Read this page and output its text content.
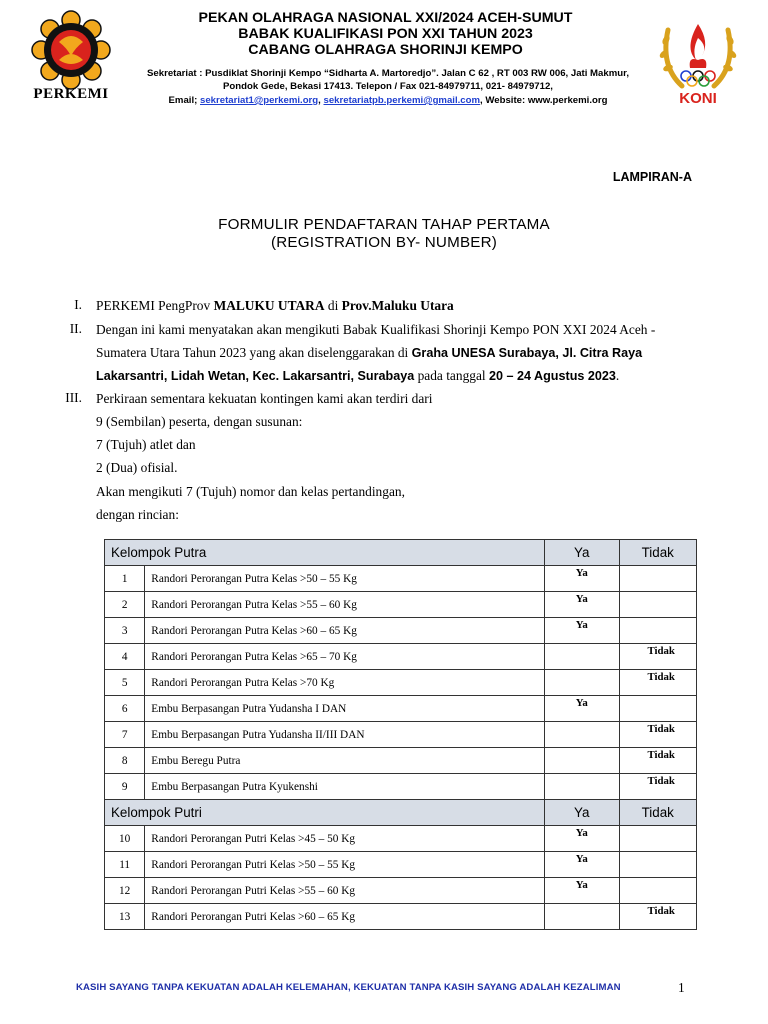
PERKEMI
PEKAN OLAHRAGA NASIONAL XXI/2024 ACEH-SUMUT
BABAK KUALIFIKASI PON XXI TAHUN 2023
CABANG OLAHRAGA SHORINJI KEMPO
Sekretariat : Pusdiklat Shorinji Kempo “Sidharta A. Martoredjo”. Jalan C 62 , RT 003 RW 006, Jati Makmur,
Pondok Gede, Bekasi 17413. Telepon / Fax 021-84979711, 021- 84979712,
Email; sekretariat1@perkemi.org, sekretariatpb.perkemi@gmail.com, Website: www.perkemi.org	KONI
LAMPIRAN-A
FORMULIR PENDAFTARAN TAHAP PERTAMA
(REGISTRATION BY- NUMBER)
I. PERKEMI PengProv MALUKU UTARA di Prov.Maluku Utara
II. Dengan ini kami menyatakan akan mengikuti Babak Kualifikasi Shorinji Kempo PON XXI 2024 Aceh -
Sumatera Utara Tahun 2023 yang akan diselenggarakan di Graha UNESA Surabaya, Jl. Citra Raya
Lakarsantri, Lidah Wetan, Kec. Lakarsantri, Surabaya pada tanggal 20 – 24 Agustus 2023.
III. Perkiraan sementara kekuatan kontingen kami akan terdiri dari
9 (Sembilan) peserta, dengan susunan:
7 (Tujuh) atlet dan
2 (Dua) ofisial.
Akan mengikuti 7 (Tujuh) nomor dan kelas pertandingan,
dengan rincian:
Kelompok Putra		Ya	Tidak
1	Randori Perorangan Putra Kelas >50 – 55 Kg	Ya	

2	Randori Perorangan Putra Kelas >55 – 60 Kg	Ya	

3	Randori Perorangan Putra Kelas >60 – 65 Kg	Ya	

4	Randori Perorangan Putra Kelas >65 – 70 Kg		Tidak

5	Randori Perorangan Putra Kelas >70 Kg		Tidak

6	Embu Berpasangan Putra Yudansha I DAN	Ya	

7	Embu Berpasangan Putra Yudansha II/III DAN		Tidak

8	Embu Beregu Putra		Tidak

9	Embu Berpasangan Putra Kyukenshi		Tidak

Kelompok Putri		Ya	Tidak
10	Randori Perorangan Putri Kelas >45 – 50 Kg	Ya	

11	Randori Perorangan Putri Kelas >50 – 55 Kg	Ya	

12	Randori Perorangan Putri Kelas >55 – 60 Kg	Ya	

13	Randori Perorangan Putri Kelas >60 – 65 Kg		Tidak
KASIH SAYANG TANPA KEKUATAN ADALAH KELEMAHAN, KEKUATAN TANPA KASIH SAYANG ADALAH KEZALIMAN	1
